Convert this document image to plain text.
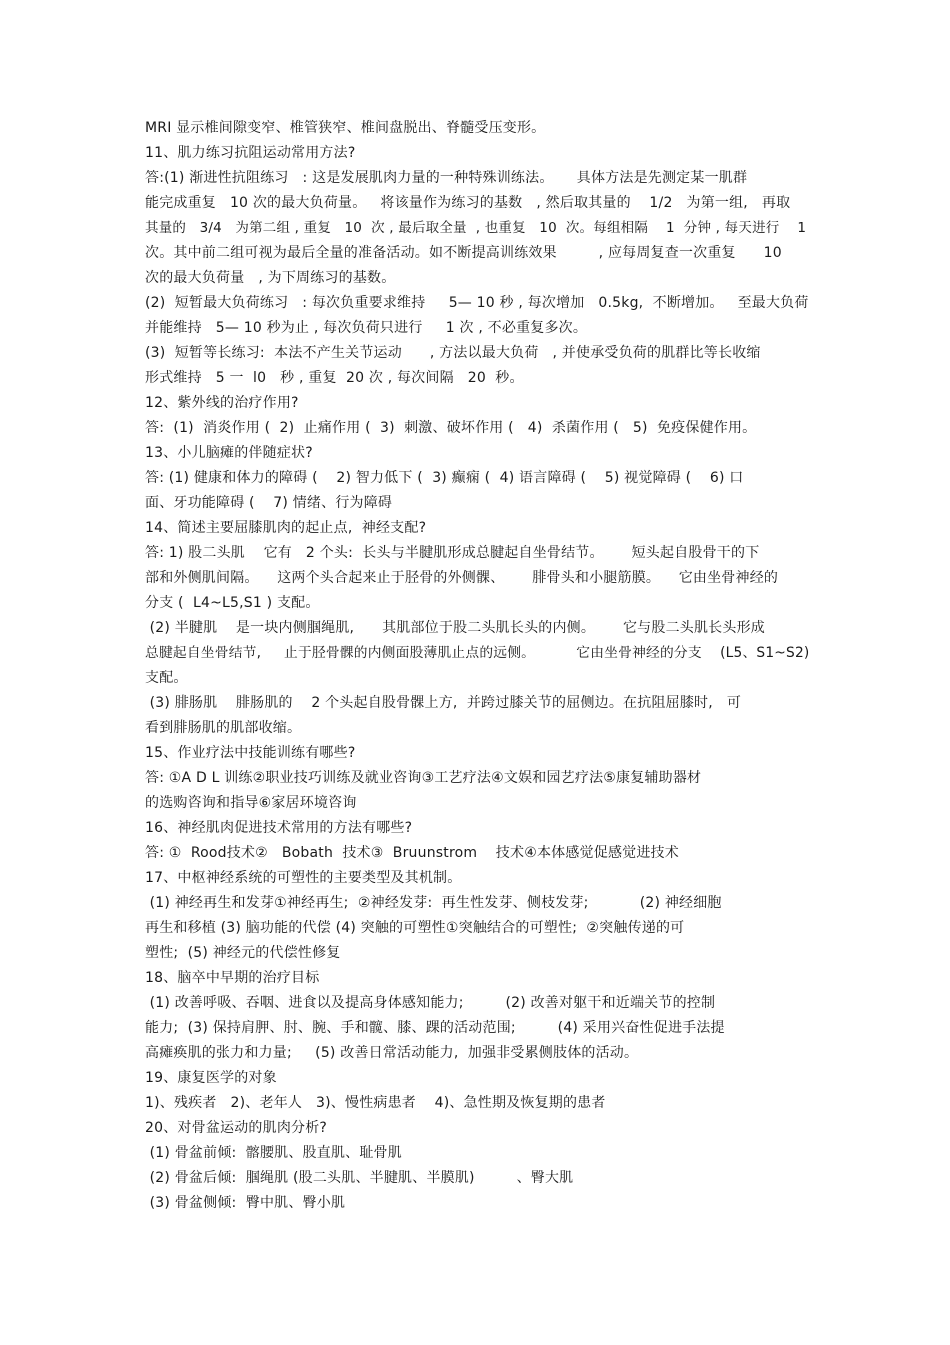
MRI 显示椎间隙变窄、椎管狭窄、椎间盘脱出、脊髓受压变形。
11、肌力练习抗阻运动常用方法?
答:(1) 渐进性抗阻练习   : 这是发展肌肉力量的一种特殊训练法。     具体方法是先测定某一肌群
能完成重复   10 次的最大负荷量。   将该量作为练习的基数   , 然后取其量的    1/2   为第一组,   再取
其量的   3/4   为第二组 , 重复   10  次 , 最后取全量  , 也重复   10  次。每组相隔    1  分钟 , 每天进行    1
次。其中前二组可视为最后全量的准备活动。如不断提高训练效果         , 应每周复查一次重复      10
次的最大负荷量   , 为下周练习的基数。
(2)  短暂最大负荷练习   : 每次负重要求维持     5— 10 秒 , 每次增加   0.5kg,  不断增加。   至最大负荷
并能维持   5— 10 秒为止 , 每次负荷只进行     1 次 , 不必重复多次。
(3)  短暂等长练习:  本法不产生关节运动      , 方法以最大负荷   , 并使承受负荷的肌群比等长收缩
形式维持   5 一  l0   秒 , 重复  20 次 , 每次间隔   20  秒。
12、紫外线的治疗作用?
答:  (1)  消炎作用 (  2)  止痛作用 (  3)  刺激、破坏作用 (   4)  杀菌作用 (   5)  免疫保健作用。
13、小儿脑瘫的伴随症状?
答: (1) 健康和体力的障碍 (    2) 智力低下 (  3) 癫痫 (  4) 语言障碍 (    5) 视觉障碍 (    6) 口
面、牙功能障碍 (    7) 情绪、行为障碍
14、简述主要屈膝肌肉的起止点,  神经支配?
答: 1) 股二头肌    它有   2 个头:  长头与半腱肌形成总腱起自坐骨结节。      短头起自股骨干的下
部和外侧肌间隔。    这两个头合起来止于胫骨的外侧髁、      腓骨头和小腿筋膜。    它由坐骨神经的
分支 (  L4~L5,S1 ) 支配。
(2) 半腱肌    是一块内侧腘绳肌,      其肌部位于股二头肌长头的内侧。      它与股二头肌长头形成
总腱起自坐骨结节,     止于胫骨髁的内侧面股薄肌止点的远侧。         它由坐骨神经的分支    (L5、S1~S2)
支配。
(3) 腓肠肌    腓肠肌的    2 个头起自股骨髁上方,  并跨过膝关节的屈侧边。在抗阻屈膝时,   可
看到腓肠肌的肌部收缩。
15、作业疗法中技能训练有哪些?
答: ①A D L 训练②职业技巧训练及就业咨询③工艺疗法④文娱和园艺疗法⑤康复辅助器材
的选购咨询和指导⑥家居环境咨询
16、神经肌肉促进技术常用的方法有哪些?
答: ①  Rood技术②   Bobath  技术③  Bruunstrom    技术④本体感觉促感觉进技术
17、中枢神经系统的可塑性的主要类型及其机制。
(1) 神经再生和发芽①神经再生;  ②神经发芽:  再生性发芽、侧枝发芽;           (2) 神经细胞
再生和移植 (3) 脑功能的代偿 (4) 突触的可塑性①突触结合的可塑性;  ②突触传递的可
塑性;  (5) 神经元的代偿性修复
18、脑卒中早期的治疗目标
(1) 改善呼吸、吞咽、进食以及提高身体感知能力;         (2) 改善对躯干和近端关节的控制
能力;  (3) 保持肩胛、肘、腕、手和髋、膝、踝的活动范围;         (4) 采用兴奋性促进手法提
高瘫痪肌的张力和力量;     (5) 改善日常活动能力,  加强非受累侧肢体的活动。
19、康复医学的对象
1)、残疾者   2)、老年人   3)、慢性病患者    4)、急性期及恢复期的患者
20、对骨盆运动的肌肉分析?
(1) 骨盆前倾:  髂腰肌、股直肌、耻骨肌
(2) 骨盆后倾:  腘绳肌 (股二头肌、半腱肌、半膜肌)         、臀大肌
(3) 骨盆侧倾:  臀中肌、臀小肌
